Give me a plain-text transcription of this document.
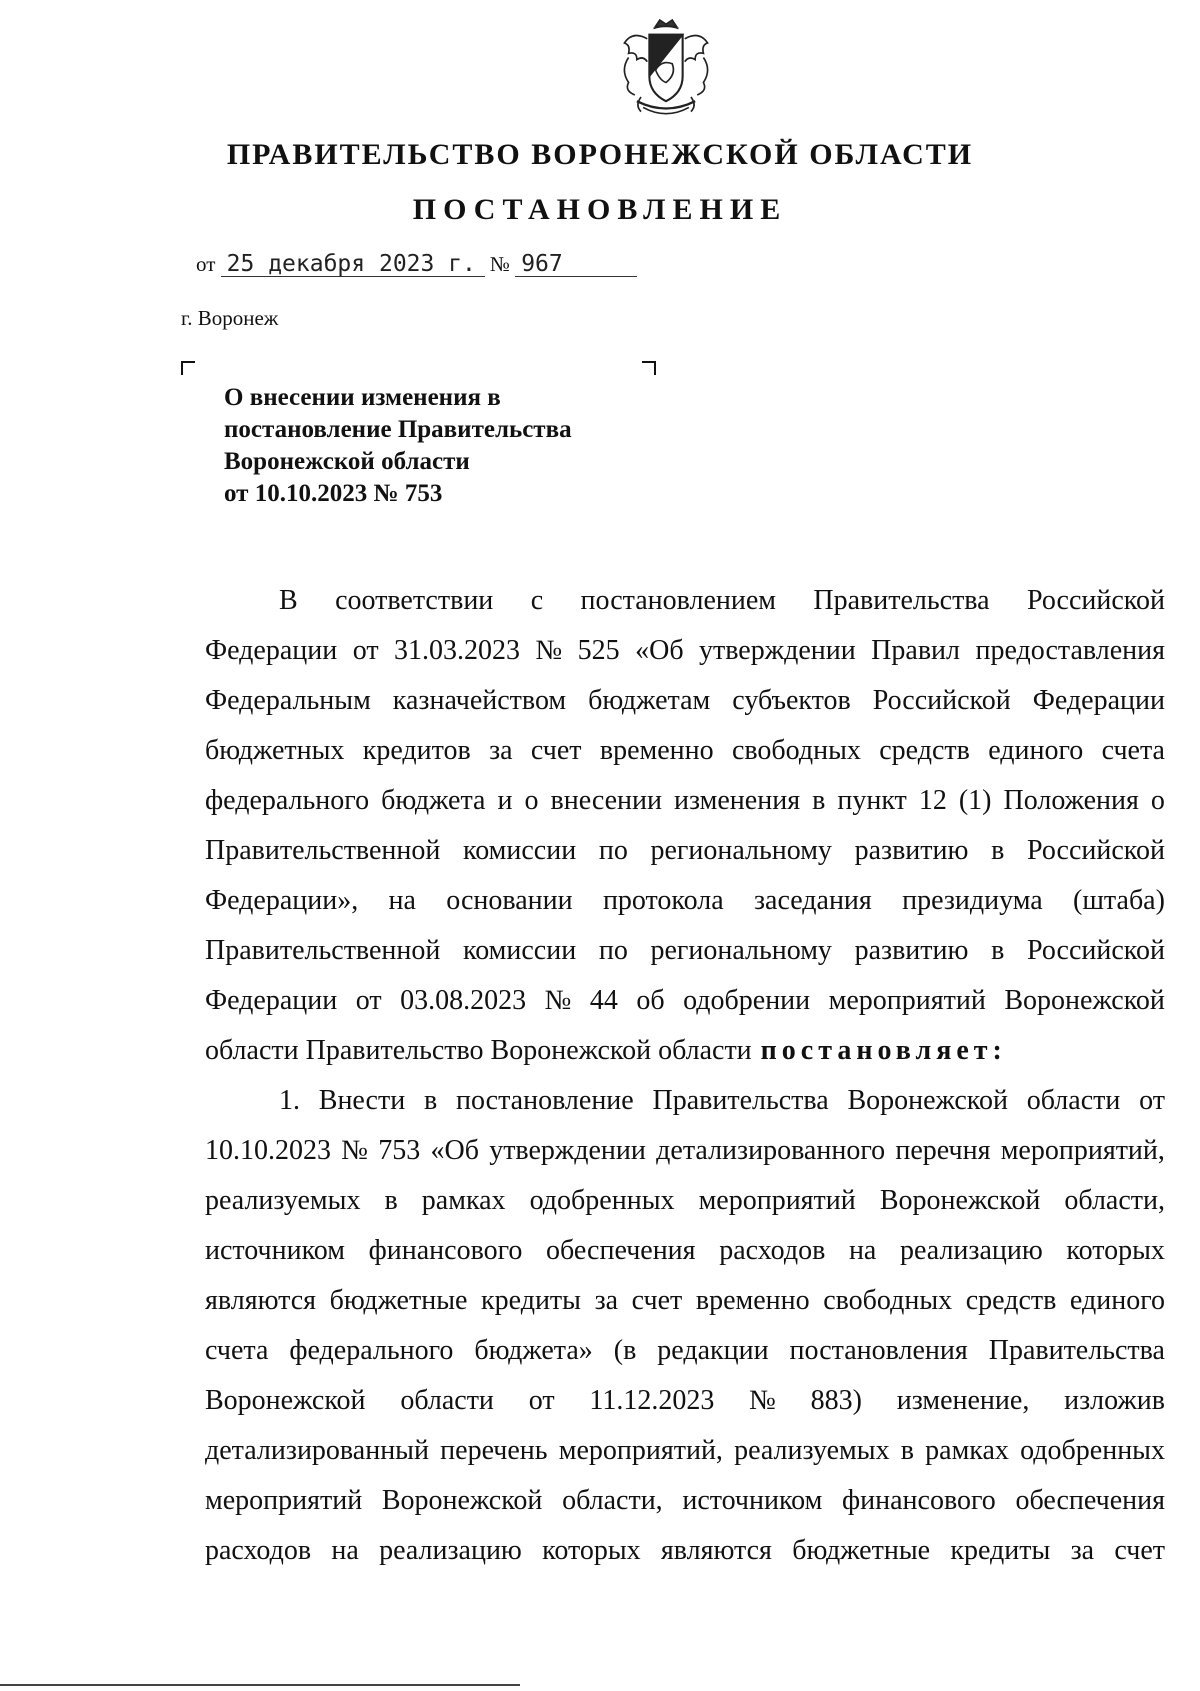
ПРАВИТЕЛЬСТВО ВОРОНЕЖСКОЙ ОБЛАСТИ
ПОСТАНОВЛЕНИЕ
от 25 декабря 2023 г. № 967
г. Воронеж
О внесении изменения в
постановление Правительства
Воронежской области
от 10.10.2023 № 753
В соответствии с постановлением Правительства Российской
Федерации от 31.03.2023 № 525 «Об утверждении Правил предоставления
Федеральным казначейством бюджетам субъектов Российской Федерации
бюджетных кредитов за счет временно свободных средств единого счета
федерального бюджета и о внесении изменения в пункт 12 (1) Положения о
Правительственной комиссии по региональному развитию в Российской
Федерации», на основании протокола заседания президиума (штаба)
Правительственной комиссии по региональному развитию в Российской
Федерации от 03.08.2023 № 44 об одобрении мероприятий Воронежской
области Правительство Воронежской области постановляет:
1. Внести в постановление Правительства Воронежской области от
10.10.2023 № 753 «Об утверждении детализированного перечня мероприятий,
реализуемых в рамках одобренных мероприятий Воронежской области,
источником финансового обеспечения расходов на реализацию которых
являются бюджетные кредиты за счет временно свободных средств единого
счета федерального бюджета» (в редакции постановления Правительства
Воронежской области от 11.12.2023 № 883) изменение, изложив
детализированный перечень мероприятий, реализуемых в рамках одобренных
мероприятий Воронежской области, источником финансового обеспечения
расходов на реализацию которых являются бюджетные кредиты за счет
